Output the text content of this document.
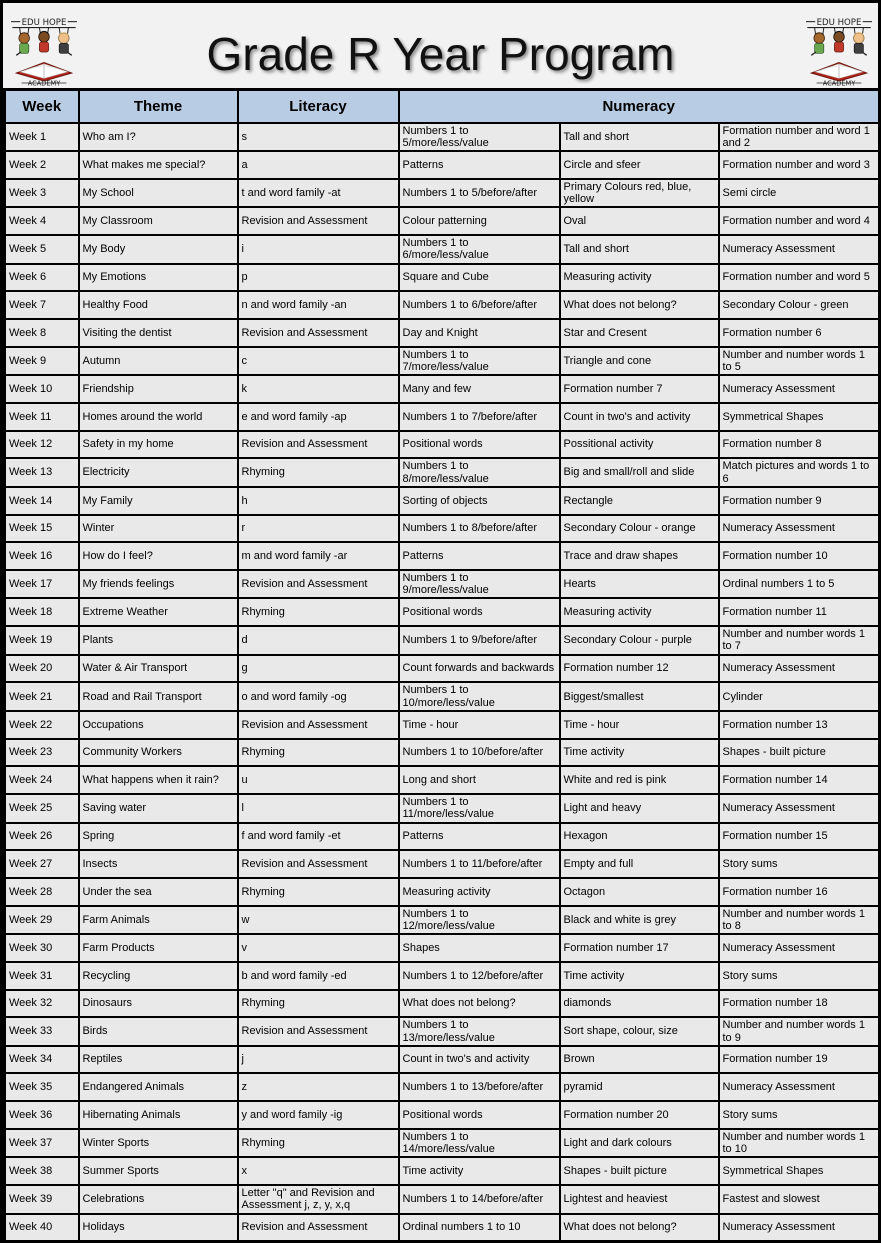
EDU HOPE
ACADEMY
Grade R Year Program
EDU HOPE
ACADEMY
Week	Theme	Literacy	Numeracy		
Week 1	Who am I?	s	Numbers 1 to 5/more/less/value	Tall and short	Formation number and word 1 and 2
Week 2	What makes me special?	a	Patterns	Circle and sfeer	Formation number and word 3
Week 3	My School	t and word family -at	Numbers 1 to 5/before/after	Primary Colours red, blue, yellow	Semi circle
Week 4	My Classroom	Revision and Assessment	Colour patterning	Oval	Formation number and word 4
Week 5	My Body	i	Numbers 1 to 6/more/less/value	Tall and short	Numeracy Assessment
Week 6	My Emotions	p	Square and Cube	Measuring activity	Formation number and word 5
Week 7	Healthy Food	n and word family -an	Numbers 1 to 6/before/after	What does not belong?	Secondary Colour - green
Week 8	Visiting the dentist	Revision and Assessment	Day and Knight	Star and Cresent	Formation number 6
Week 9	Autumn	c	Numbers 1 to 7/more/less/value	Triangle and cone	Number and number words 1 to 5
Week 10	Friendship	k	Many and few	Formation number 7	Numeracy Assessment
Week 11	Homes around the world	e and word family -ap	Numbers 1 to 7/before/after	Count in two's and activity	Symmetrical Shapes
Week 12	Safety in my home	Revision and Assessment	Positional words	Possitional activity	Formation number 8
Week 13	Electricity	Rhyming	Numbers 1 to 8/more/less/value	Big and small/roll and slide	Match pictures and words 1 to 6
Week 14	My Family	h	Sorting of objects	Rectangle	Formation number 9
Week 15	Winter	r	Numbers 1 to 8/before/after	Secondary Colour - orange	Numeracy Assessment
Week 16	How do I feel?	m and word family -ar	Patterns	Trace and draw shapes	Formation number 10
Week 17	My friends feelings	Revision and Assessment	Numbers 1 to 9/more/less/value	Hearts	Ordinal numbers 1 to 5
Week 18	Extreme Weather	Rhyming	Positional words	Measuring activity	Formation number 11
Week 19	Plants	d	Numbers 1 to 9/before/after	Secondary Colour - purple	Number and number words 1 to 7
Week 20	Water & Air Transport	g	Count forwards and backwards	Formation number 12	Numeracy Assessment
Week 21	Road and Rail Transport	o and word family -og	Numbers 1 to 10/more/less/value	Biggest/smallest	Cylinder
Week 22	Occupations	Revision and Assessment	Time - hour	Time - hour	Formation number 13
Week 23	Community Workers	Rhyming	Numbers 1 to 10/before/after	Time activity	Shapes - built picture
Week 24	What happens when it rain?	u	Long and short	White and red is pink	Formation number 14
Week 25	Saving water	l	Numbers 1 to 11/more/less/value	Light and heavy	Numeracy Assessment
Week 26	Spring	f and word family -et	Patterns	Hexagon	Formation number 15
Week 27	Insects	Revision and Assessment	Numbers 1 to 11/before/after	Empty and full	Story sums
Week 28	Under the sea	Rhyming	Measuring activity	Octagon	Formation number 16
Week 29	Farm Animals	w	Numbers 1 to 12/more/less/value	Black and white is grey	Number and number words 1 to 8
Week 30	Farm Products	v	Shapes	Formation number 17	Numeracy Assessment
Week 31	Recycling	b and word family -ed	Numbers 1 to 12/before/after	Time activity	Story sums
Week 32	Dinosaurs	Rhyming	What does not belong?	diamonds	Formation number 18
Week 33	Birds	Revision and Assessment	Numbers 1 to 13/more/less/value	Sort shape, colour, size	Number and number words 1 to 9
Week 34	Reptiles	j	Count in two's and activity	Brown	Formation number 19
Week 35	Endangered Animals	z	Numbers 1 to 13/before/after	pyramid	Numeracy Assessment
Week 36	Hibernating Animals	y and word family -ig	Positional words	Formation number 20	Story sums
Week 37	Winter Sports	Rhyming	Numbers 1 to 14/more/less/value	Light and dark colours	Number and number words 1 to 10
Week 38	Summer Sports	x	Time activity	Shapes - built picture	Symmetrical Shapes
Week 39	Celebrations	Letter "q" and Revision and Assessment j, z, y, x,q	Numbers 1 to 14/before/after	Lightest and heaviest	Fastest and slowest
Week 40	Holidays	Revision and Assessment	Ordinal numbers 1 to 10	What does not belong?	Numeracy Assessment
